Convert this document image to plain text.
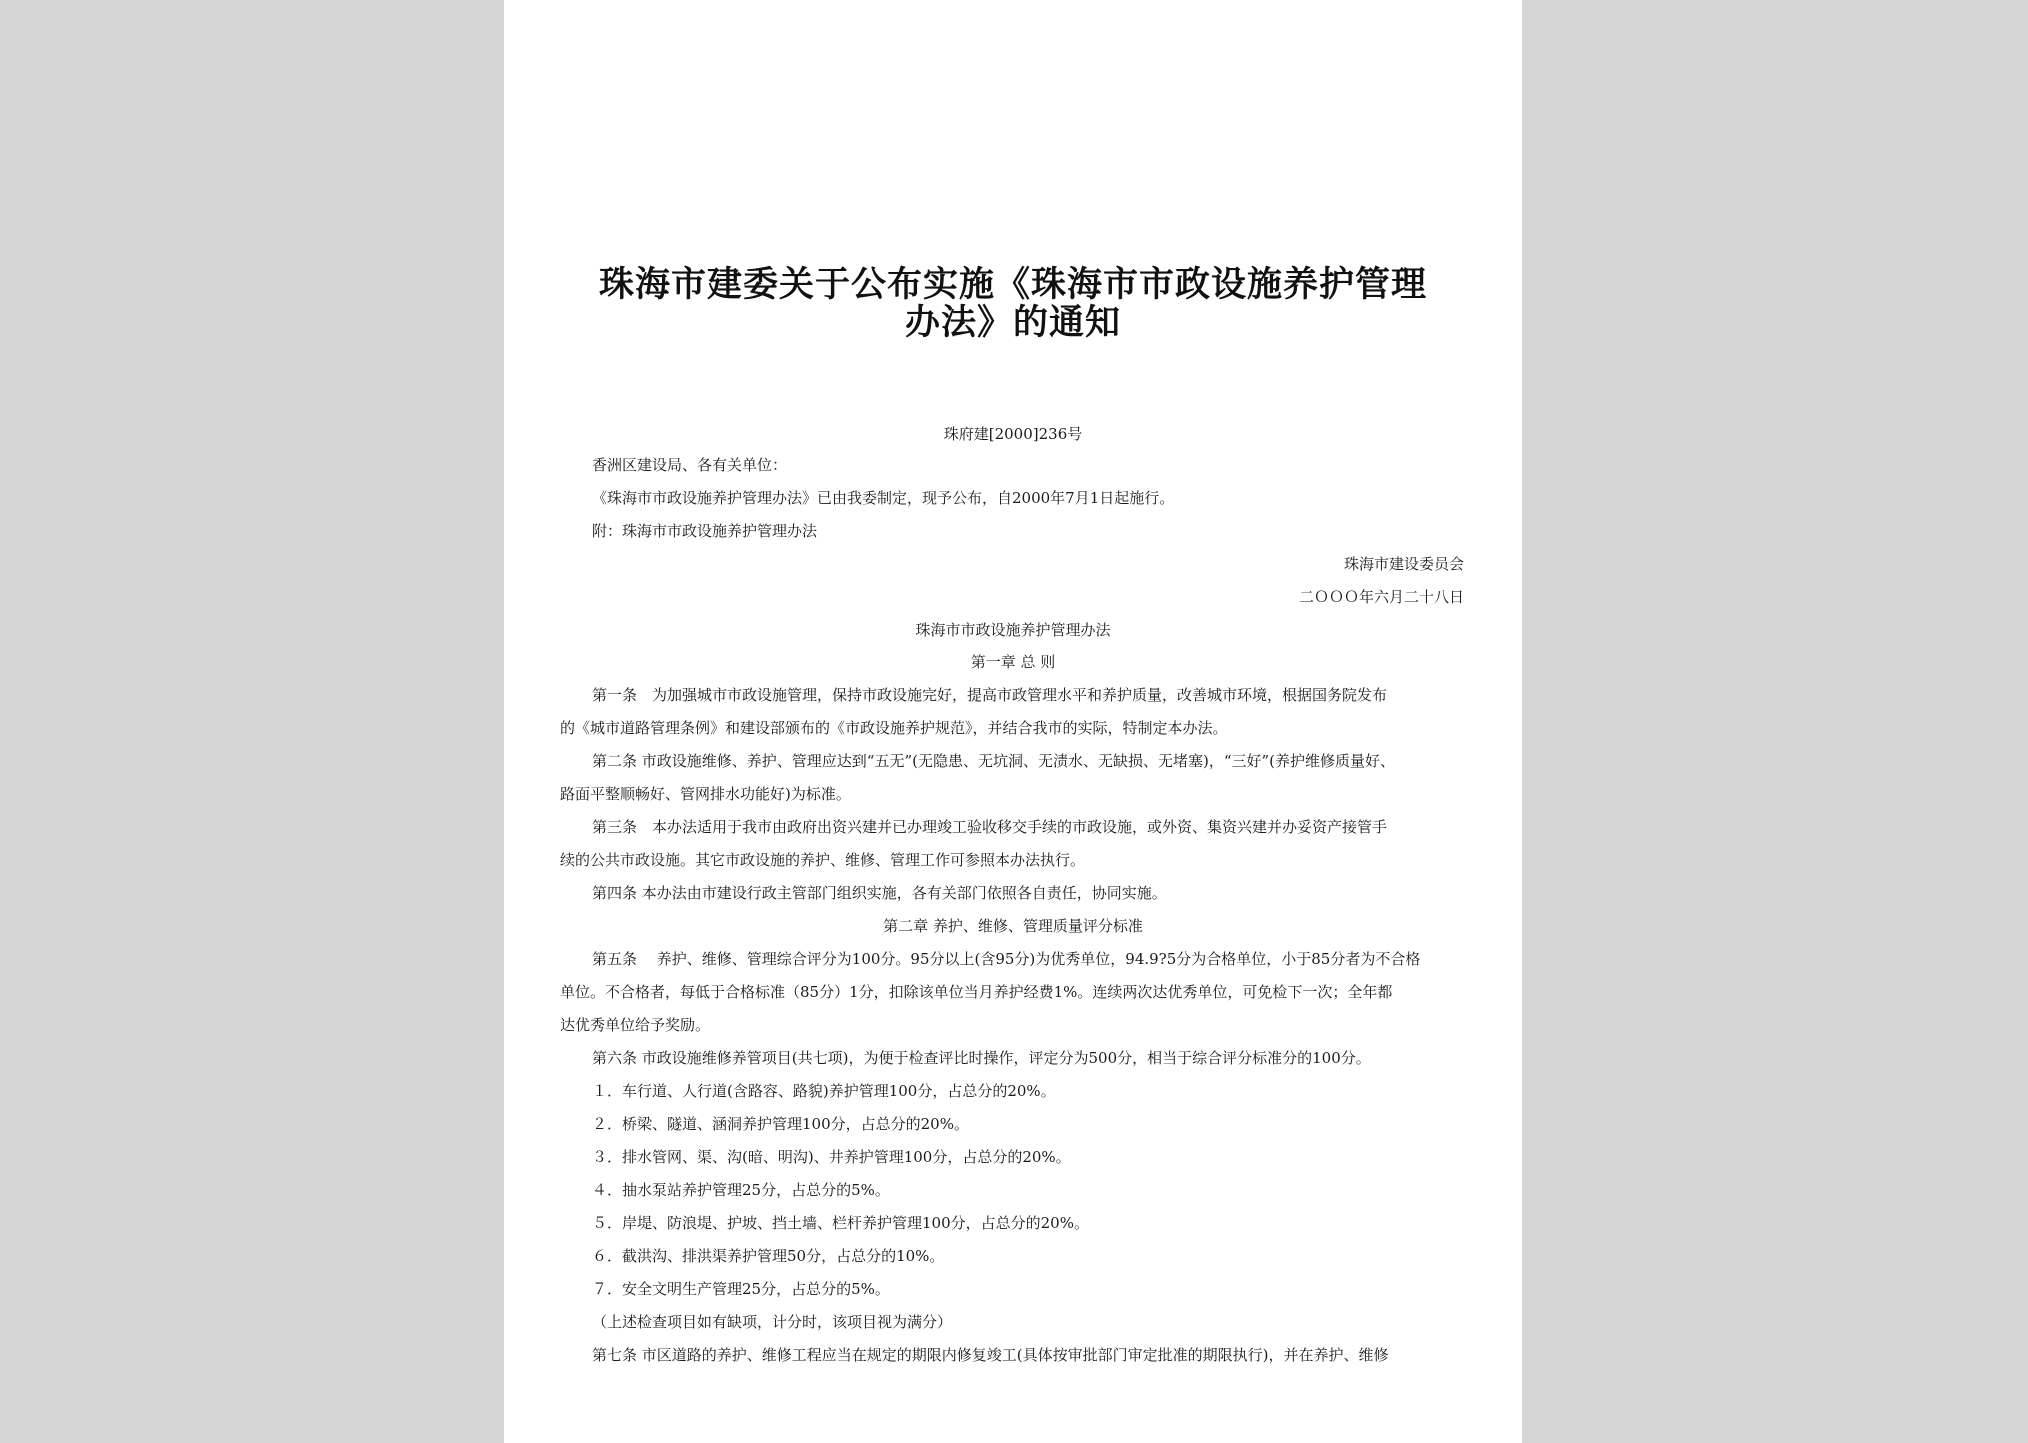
珠海市建委关于公布实施《珠海市市政设施养护管理
办法》的通知
珠府建[2000]236号
香洲区建设局、各有关单位：
《珠海市市政设施养护管理办法》已由我委制定，现予公布，自2000年7月1日起施行。
附：珠海市市政设施养护管理办法
珠海市建设委员会
二ＯＯＯ年六月二十八日
珠海市市政设施养护管理办法
第一章 总 则
第一条　为加强城市市政设施管理，保持市政设施完好，提高市政管理水平和养护质量，改善城市环境，根据国务院发布
的《城市道路管理条例》和建设部颁布的《市政设施养护规范》，并结合我市的实际，特制定本办法。
第二条 市政设施维修、养护、管理应达到“五无”(无隐患、无坑洞、无渍水、无缺损、无堵塞)，“三好”(养护维修质量好、
路面平整顺畅好、管网排水功能好)为标准。
第三条　本办法适用于我市由政府出资兴建并已办理竣工验收移交手续的市政设施，或外资、集资兴建并办妥资产接管手
续的公共市政设施。其它市政设施的养护、维修、管理工作可参照本办法执行。
第四条 本办法由市建设行政主管部门组织实施，各有关部门依照各自责任，协同实施。
第二章 养护、维修、管理质量评分标准
第五条　 养护、维修、管理综合评分为100分。95分以上(含95分)为优秀单位，94.9?5分为合格单位，小于85分者为不合格
单位。不合格者，每低于合格标准（85分）1分，扣除该单位当月养护经费1%。连续两次达优秀单位，可免检下一次；全年都
达优秀单位给予奖励。
第六条 市政设施维修养管项目(共七项)，为便于检查评比时操作，评定分为500分，相当于综合评分标准分的100分。
１．车行道、人行道(含路容、路貌)养护管理100分，占总分的20%。
２．桥梁、隧道、涵洞养护管理100分，占总分的20%。
３．排水管网、渠、沟(暗、明沟)、井养护管理100分，占总分的20%。
４．抽水泵站养护管理25分，占总分的5%。
５．岸堤、防浪堤、护坡、挡土墙、栏杆养护管理100分，占总分的20%。
６．截洪沟、排洪渠养护管理50分，占总分的10%。
７．安全文明生产管理25分，占总分的5%。
（上述检查项目如有缺项，计分时，该项目视为满分）
第七条 市区道路的养护、维修工程应当在规定的期限内修复竣工(具体按审批部门审定批准的期限执行)，并在养护、维修
